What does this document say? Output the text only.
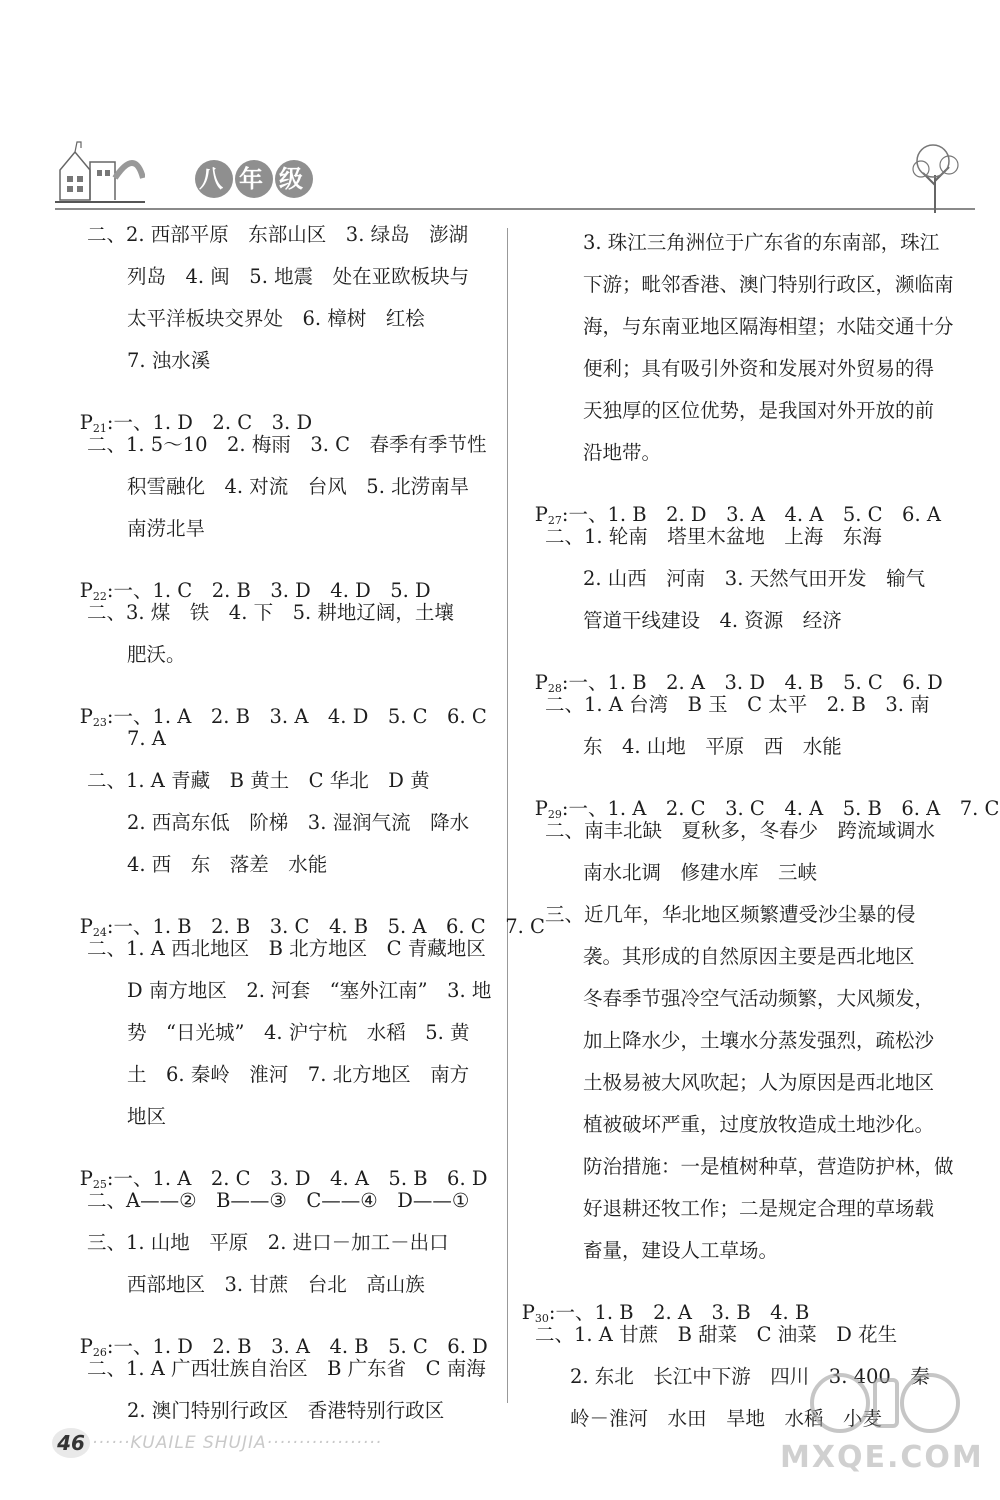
八 年 级
二、2. 西部平原　东部山区　3. 绿岛　澎湖
列岛　4. 闽　5. 地震　处在亚欧板块与
太平洋板块交界处　6. 樟树　红桧
7. 浊水溪

P21:一、1. D　2. C　3. D

二、1. 5～10　2. 梅雨　3. C　春季有季节性
积雪融化　4. 对流　台风　5. 北涝南旱
南涝北旱

P22:一、1. C　2. B　3. D　4. D　5. D

二、3. 煤　铁　4. 下　5. 耕地辽阔，土壤
肥沃。

P23:一、1. A　2. B　3. A　4. D　5. C　6. C

7. A
二、1. A 青藏　B 黄土　C 华北　D 黄
2. 西高东低　阶梯　3. 湿润气流　降水
4. 西　东　落差　水能

P24:一、1. B　2. B　3. C　4. B　5. A　6. C　7. C

二、1. A 西北地区　B 北方地区　C 青藏地区
D 南方地区　2. 河套　“塞外江南”　3. 地
势　“日光城”　4. 沪宁杭　水稻　5. 黄
土　6. 秦岭　淮河　7. 北方地区　南方
地区

P25:一、1. A　2. C　3. D　4. A　5. B　6. D

二、A——②　B——③　C——④　D——①
三、1. 山地　平原　2. 进口－加工－出口
西部地区　3. 甘蔗　台北　高山族

P26:一、1. D　2. B　3. A　4. B　5. C　6. D

二、1. A 广西壮族自治区　B 广东省　C 南海
2. 澳门特别行政区　香港特别行政区
3. 珠江三角洲位于广东省的东南部，珠江
下游；毗邻香港、澳门特别行政区，濒临南
海，与东南亚地区隔海相望；水陆交通十分
便利；具有吸引外资和发展对外贸易的得
天独厚的区位优势，是我国对外开放的前
沿地带。

P27:一、1. B　2. D　3. A　4. A　5. C　6. A

二、1. 轮南　塔里木盆地　上海　东海
2. 山西　河南　3. 天然气田开发　输气
管道干线建设　4. 资源　经济

P28:一、1. B　2. A　3. D　4. B　5. C　6. D

二、1. A 台湾　B 玉　C 太平　2. B　3. 南
东　4. 山地　平原　西　水能

P29:一、1. A　2. C　3. C　4. A　5. B　6. A　7. C

二、南丰北缺　夏秋多，冬春少　跨流域调水
南水北调　修建水库　三峡
三、近几年，华北地区频繁遭受沙尘暴的侵
袭。其形成的自然原因主要是西北地区
冬春季节强冷空气活动频繁，大风频发，
加上降水少，土壤水分蒸发强烈，疏松沙
土极易被大风吹起；人为原因是西北地区
植被破坏严重，过度放牧造成土地沙化。
防治措施：一是植树种草，营造防护林，做
好退耕还牧工作；二是规定合理的草场载
畜量，建设人工草场。

P30:一、1. B　2. A　3. B　4. B

二、1. A 甘蔗　B 甜菜　C 油菜　D 花生
2. 东北　长江中下游　四川　3. 400　秦
岭－淮河　水田　旱地　水稻　小麦
46 ······KUAILE SHUJIA··················	MXQE.COM
